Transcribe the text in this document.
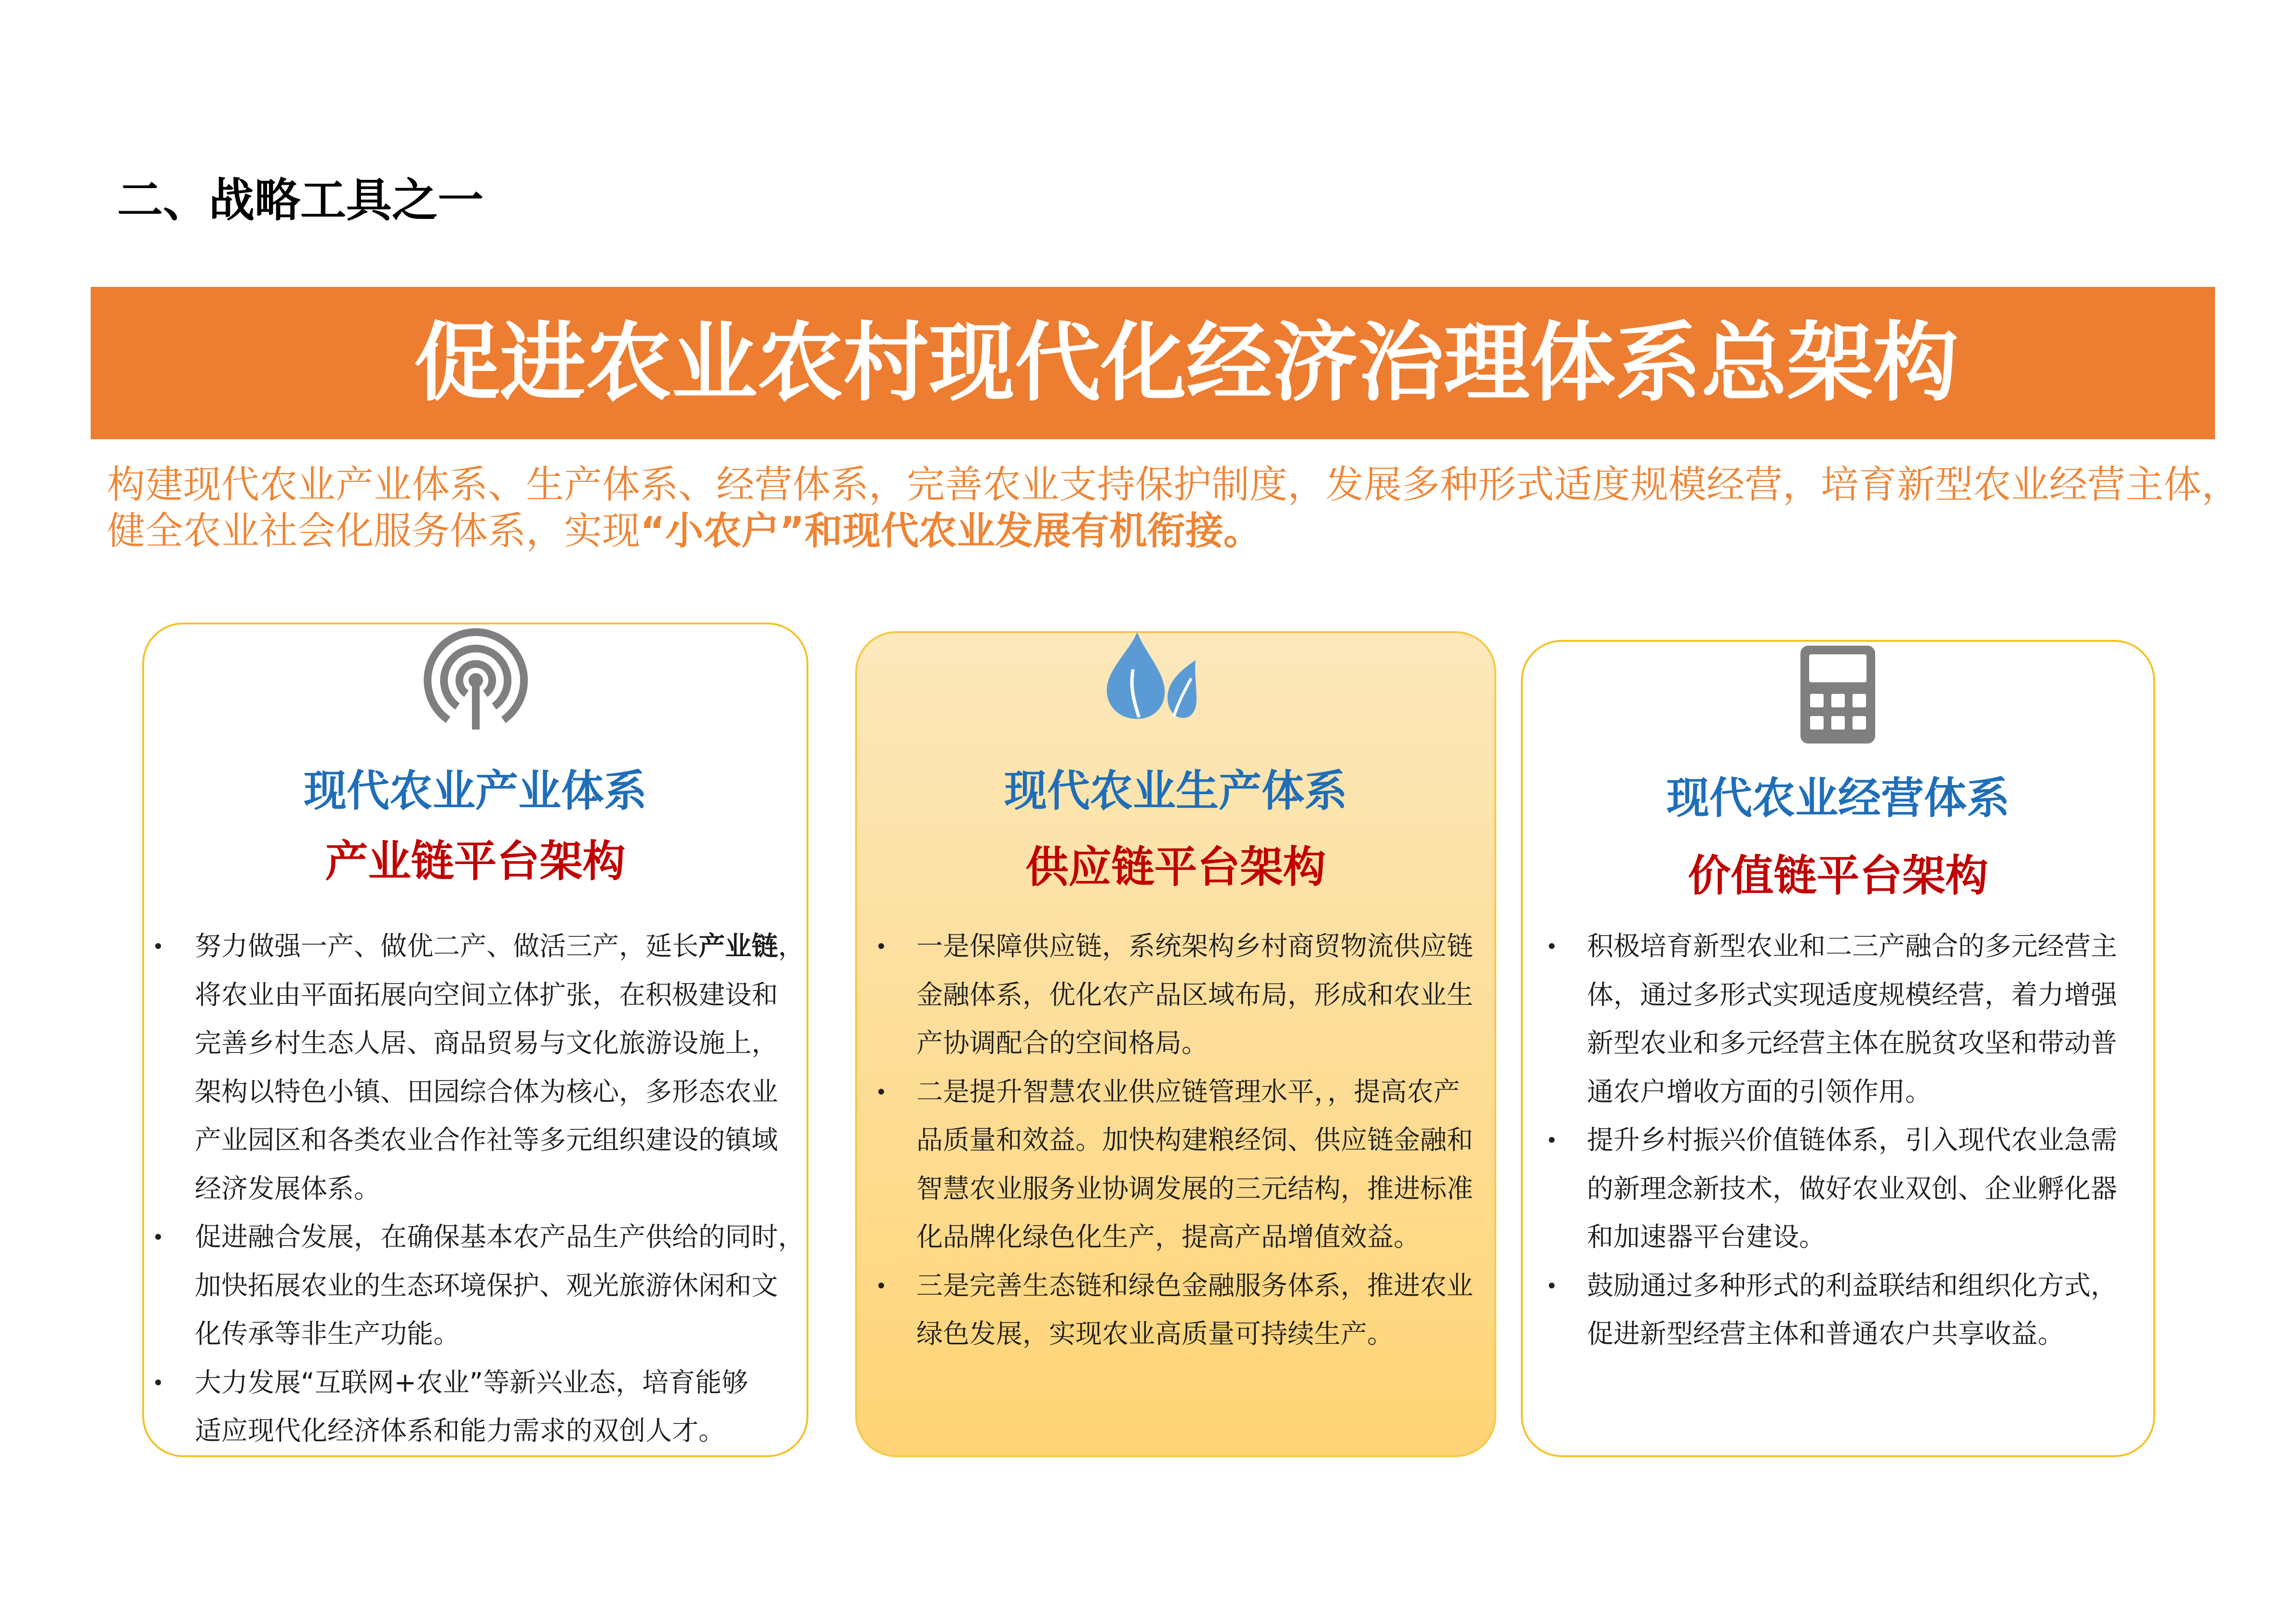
二、战略工具之一
促进农业农村现代化经济治理体系总架构
构建现代农业产业体系、生产体系、经营体系，完善农业支持保护制度，发展多种形式适度规模经营，培育新型农业经营主体，
健全农业社会化服务体系，实现“小农户”和现代农业发展有机衔接。
现代农业产业体系
产业链平台架构
努力做强一产、做优二产、做活三产，延长产业链，
将农业由平面拓展向空间立体扩张，在积极建设和
完善乡村生态人居、商品贸易与文化旅游设施上，
架构以特色小镇、田园综合体为核心，多形态农业
产业园区和各类农业合作社等多元组织建设的镇域
经济发展体系。
促进融合发展，在确保基本农产品生产供给的同时，
加快拓展农业的生态环境保护、观光旅游休闲和文
化传承等非生产功能。
大力发展“互联网+农业”等新兴业态，培育能够
适应现代化经济体系和能力需求的双创人才。
现代农业生产体系
供应链平台架构
一是保障供应链，系统架构乡村商贸物流供应链
金融体系，优化农产品区域布局，形成和农业生
产协调配合的空间格局。
二是提升智慧农业供应链管理水平，，提高农产
品质量和效益。加快构建粮经饲、供应链金融和
智慧农业服务业协调发展的三元结构，推进标准
化品牌化绿色化生产，提高产品增值效益。
三是完善生态链和绿色金融服务体系，推进农业
绿色发展，实现农业高质量可持续生产。
现代农业经营体系
价值链平台架构
积极培育新型农业和二三产融合的多元经营主
体，通过多形式实现适度规模经营，着力增强
新型农业和多元经营主体在脱贫攻坚和带动普
通农户增收方面的引领作用。
提升乡村振兴价值链体系，引入现代农业急需
的新理念新技术，做好农业双创、企业孵化器
和加速器平台建设。
鼓励通过多种形式的利益联结和组织化方式，
促进新型经营主体和普通农户共享收益。
